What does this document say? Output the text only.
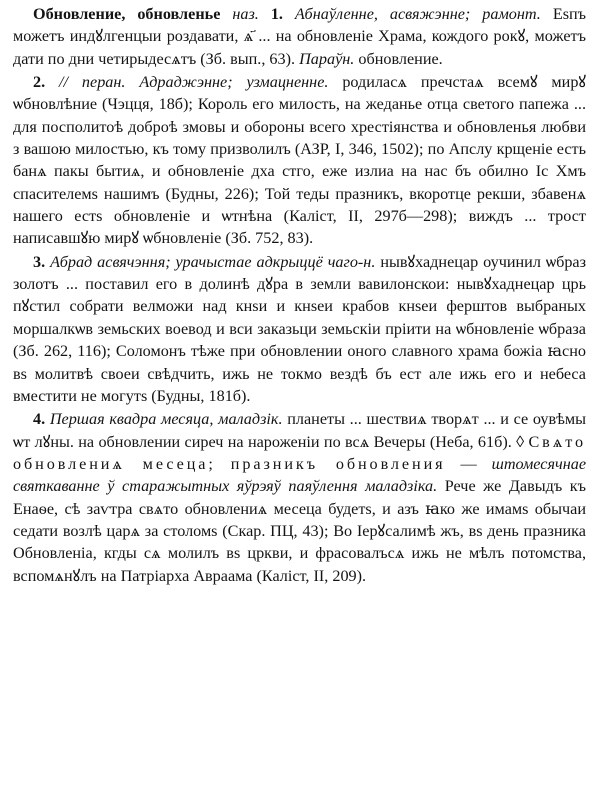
Обновление, обновленье наз. 1. Абнаўленне, асвяжэнне; рамонт. Еѕпъ можетъ индꙋлгенцыи роздавати, ѧ҃ ... на обновленіе Храма, кождого рокꙋ, можетъ дати по дни четирыдесѧтъ (Зб. вып., 63). Параўн. обновление.

2. // перан. Адраджэнне; узмацненне. родиласѧ пречстаѧ всемꙋ мирꙋ ѡбновлѣние (Чэцця, 18б); Король его милость, на жеданье отца светого папежа ... для посполитоѣ доброѣ змовы и обороны всего хрестіянства и обновленья любви з вашою милостью, къ тому призволилъ (АЗР, I, 346, 1502); по Апслу крщеніе есть банѧ пакы бытиѧ, и обновленіе дха стго, еже излиа на нас бъ обилно Іс Хмъ спасителемs нашимъ (Будны, 226); Той теды празникъ, вкоротце рекши, збавенѧ нашего естs обновленіе и ѡтнѣна (Каліст, II, 297б—298); виждъ ... трост написавшꙋю мирꙋ ѡбновленіе (Зб. 752, 83).

3. Абрад асвячэння; урачыстае адкрыццё чаго-н. нывꙋхаднецар оучинил ѡбраз золотъ ... поставил его в долинѣ дꙋра в земли вавилонскои: нывꙋхаднецар црь пꙋстил собрати велможи над кнѕи и кнѕеи крабов кнѕеи ферштов выбраных моршалкѡв земьских воевод и вси заказьци земьскіи пріити на ѡбновленіе ѡбраза (Зб. 262, 116); Соломонъ тѣже при обновлении оного славного храма божіа ꙗсно вs молитвѣ своеи свѣдчить, ижь не токмо вездѣ бъ ест але ижь его и небеса вместити не могутs (Будны, 181б).

4. Першая квадра месяца, маладзік. планеты ... шествиѧ творѧт ... и се оувѣмы ѡт лꙋны. на обновлении сиреч на нароженіи по всѧ Вечеры (Неба, 61б). ◊ Свѧто обновлениѧ месеца; празникъ обновления — штомесячнае святкаванне ў старажытных яўрэяў паяўлення маладзіка. Рече же Давыдъ къ Енаѳе, сѣ заѵтра свѧто обновлениѧ месеца будетs, и азъ ꙗко же имамs обычаи седати возлѣ царѧ за столомs (Скар. ПЦ, 43); Во Іерꙋсалимѣ жъ, вs день празника Обновленіа, кгды сѧ молилъ вs цркви, и фрасовалъсѧ ижь не мѣлъ потомства, вспомѧнꙋлъ на Патріарха Авраама (Каліст, II, 209).
